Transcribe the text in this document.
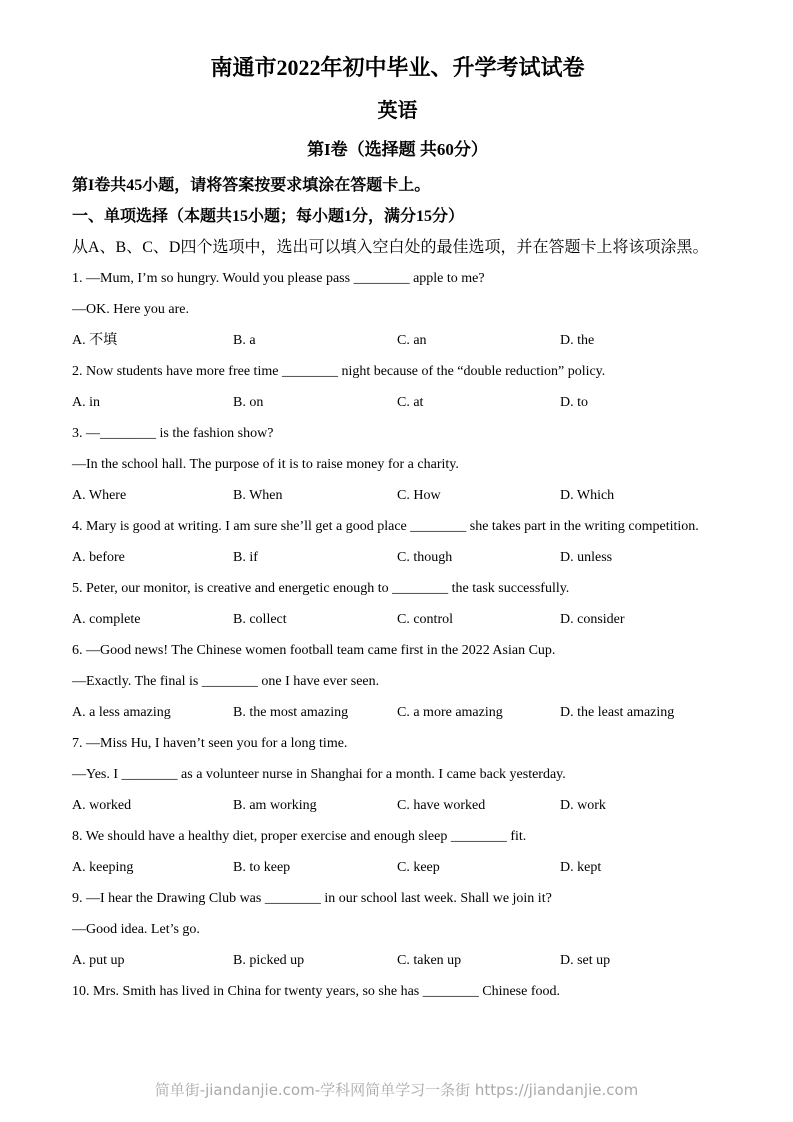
南通市2022年初中毕业、升学考试试卷
英语
第I卷（选择题 共60分）

第I卷共45小题，请将答案按要求填涂在答题卡上。

一、单项选择（本题共15小题；每小题1分，满分15分）

从A、B、C、D四个选项中，选出可以填入空白处的最佳选项，并在答题卡上将该项涂黑。

1. —Mum, I’m so hungry. Would you please pass ________ apple to me?

—OK. Here you are.

A. 不填	B. a	C. an	D. the

2. Now students have more free time ________ night because of the “double reduction” policy.

A. in	B. on	C. at	D. to

3. —________ is the fashion show?

—In the school hall. The purpose of it is to raise money for a charity.

A. Where	B. When	C. How	D. Which

4. Mary is good at writing. I am sure she’ll get a good place ________ she takes part in the writing competition.

A. before	B. if	C. though	D. unless

5. Peter, our monitor, is creative and energetic enough to ________ the task successfully.

A. complete	B. collect	C. control	D. consider

6. —Good news! The Chinese women football team came first in the 2022 Asian Cup.

—Exactly. The final is ________ one I have ever seen.

A. a less amazing	B. the most amazing	C. a more amazing	D. the least amazing

7. —Miss Hu, I haven’t seen you for a long time.

—Yes. I ________ as a volunteer nurse in Shanghai for a month. I came back yesterday.

A. worked	B. am working	C. have worked	D. work

8. We should have a healthy diet, proper exercise and enough sleep ________ fit.

A. keeping	B. to keep	C. keep	D. kept

9. —I hear the Drawing Club was ________ in our school last week. Shall we join it?

—Good idea. Let’s go.

A. put up	B. picked up	C. taken up	D. set up

10. Mrs. Smith has lived in China for twenty years, so she has ________ Chinese food.

简单街-jiandanjie.com-学科网简单学习一条街 https://jiandanjie.com
